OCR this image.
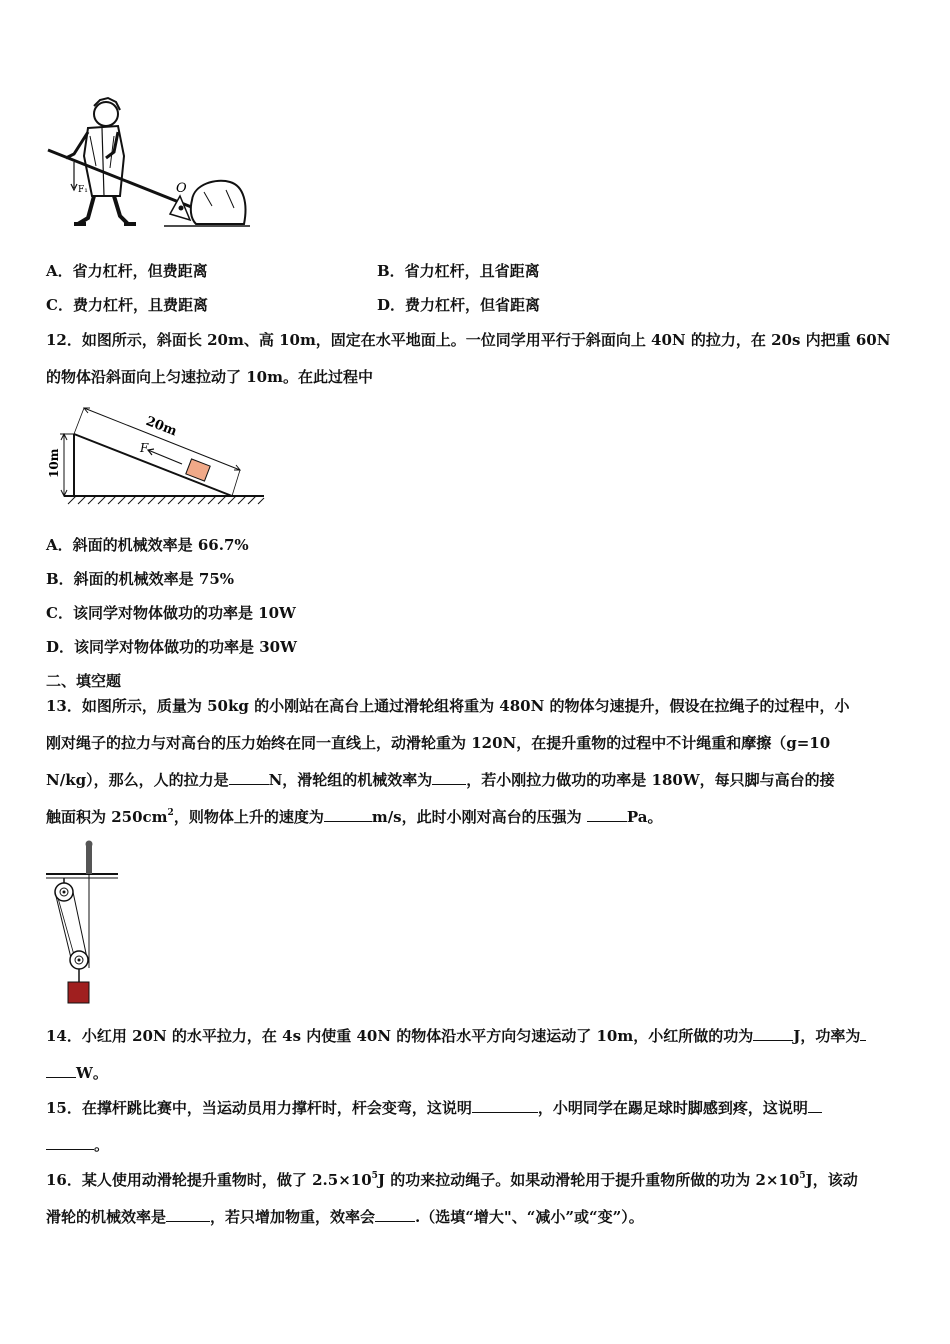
F₁	O
A．省力杠杆，但费距离	B．省力杠杆，且省距离
C．费力杠杆，且费距离	D．费力杠杆，但省距离
12．如图所示，斜面长 20m、高 10m，固定在水平地面上。一位同学用平行于斜面向上 40N 的拉力，在 20s 内把重 60N
的物体沿斜面向上匀速拉动了 10m。在此过程中
10m
20m
F
A．斜面的机械效率是 66.7%
B．斜面的机械效率是 75%
C．该同学对物体做功的功率是 10W
D．该同学对物体做功的功率是 30W
二、填空题
13．如图所示，质量为 50kg 的小刚站在高台上通过滑轮组将重为 480N 的物体匀速提升，假设在拉绳子的过程中，小
刚对绳子的拉力与对高台的压力始终在同一直线上，动滑轮重为 120N，在提升重物的过程中不计绳重和摩擦（g=10
N/kg），那么，人的拉力是	N，滑轮组的机械效率为 ，若小刚拉力做功的功率是 180W，每只脚与高台的接
触面积为 $250cm^2$，则物体上升的速度为	m/s，此时小刚对高台的压强为	Pa。
14．小红用 20N 的水平拉力，在 4s 内使重 40N 的物体沿水平方向匀速运动了 10m，小红所做的功为	J，功率为
W。
15．在撑杆跳比赛中，当运动员用力撑杆时，杆会变弯，这说明	，小明同学在踢足球时脚感到疼，这说明
。
16．某人使用动滑轮提升重物时，做了 $2.5\times 10^5J$ 的功来拉动绳子。如果动滑轮用于提升重物所做的功为 $2\times 10^5J$，该动
滑轮的机械效率是	，若只增加物重，效率会	.（选填“增大"、“减小”或“变”）。
